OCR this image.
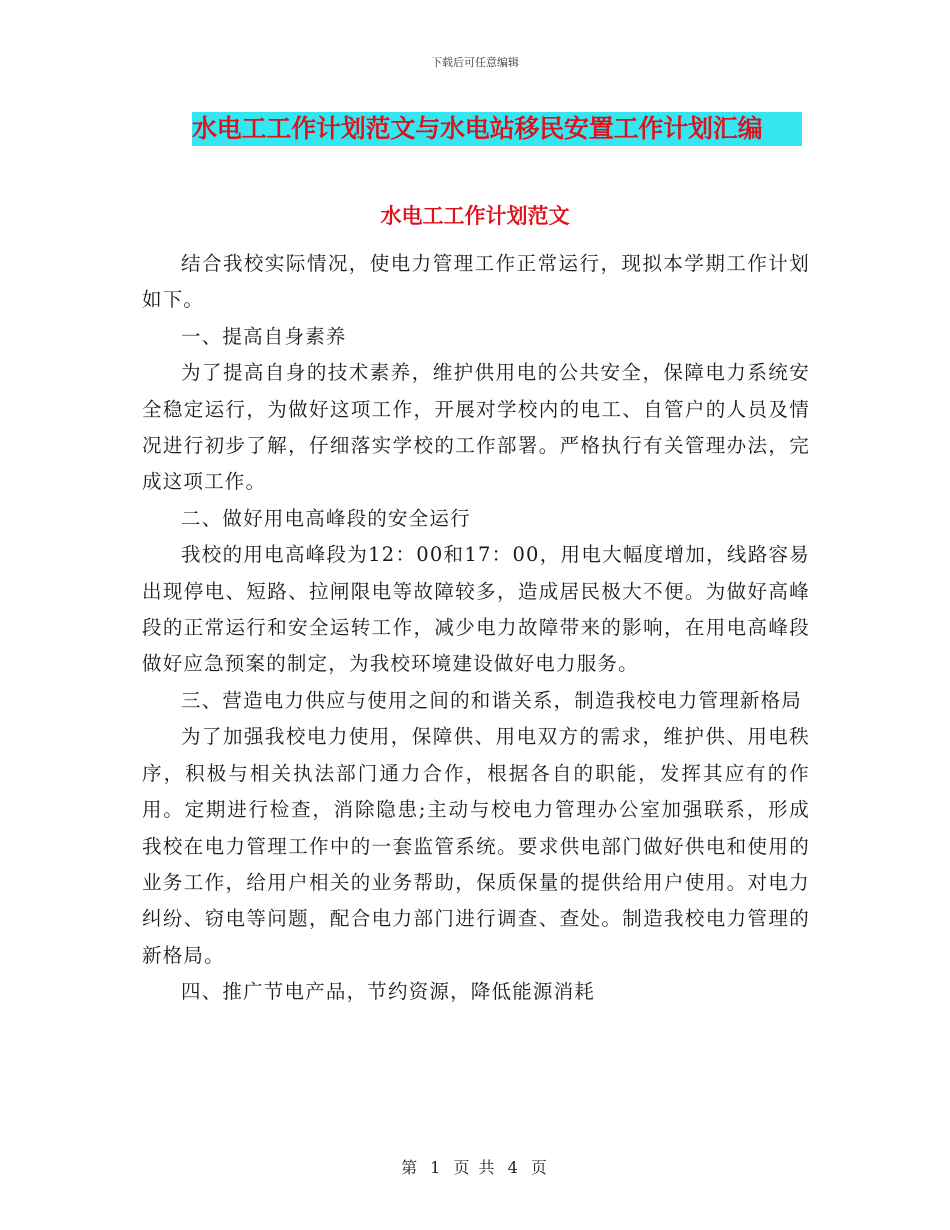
下载后可任意编辑
水电工工作计划范文与水电站移民安置工作计划汇编
水电工工作计划范文

结合我校实际情况，使电力管理工作正常运行，现拟本学期工作计划如下。

一、提高自身素养

为了提高自身的技术素养，维护供用电的公共安全，保障电力系统安全稳定运行，为做好这项工作，开展对学校内的电工、自管户的人员及情况进行初步了解，仔细落实学校的工作部署。严格执行有关管理办法，完成这项工作。

二、做好用电高峰段的安全运行

我校的用电高峰段为12：00和17：00，用电大幅度增加，线路容易出现停电、短路、拉闸限电等故障较多，造成居民极大不便。为做好高峰段的正常运行和安全运转工作，减少电力故障带来的影响，在用电高峰段做好应急预案的制定，为我校环境建设做好电力服务。

三、营造电力供应与使用之间的和谐关系，制造我校电力管理新格局

为了加强我校电力使用，保障供、用电双方的需求，维护供、用电秩序，积极与相关执法部门通力合作，根据各自的职能，发挥其应有的作用。定期进行检查，消除隐患;主动与校电力管理办公室加强联系，形成我校在电力管理工作中的一套监管系统。要求供电部门做好供电和使用的业务工作，给用户相关的业务帮助，保质保量的提供给用户使用。对电力纠纷、窃电等问题，配合电力部门进行调查、查处。制造我校电力管理的新格局。

四、推广节电产品，节约资源，降低能源消耗

第 1 页 共 4 页
